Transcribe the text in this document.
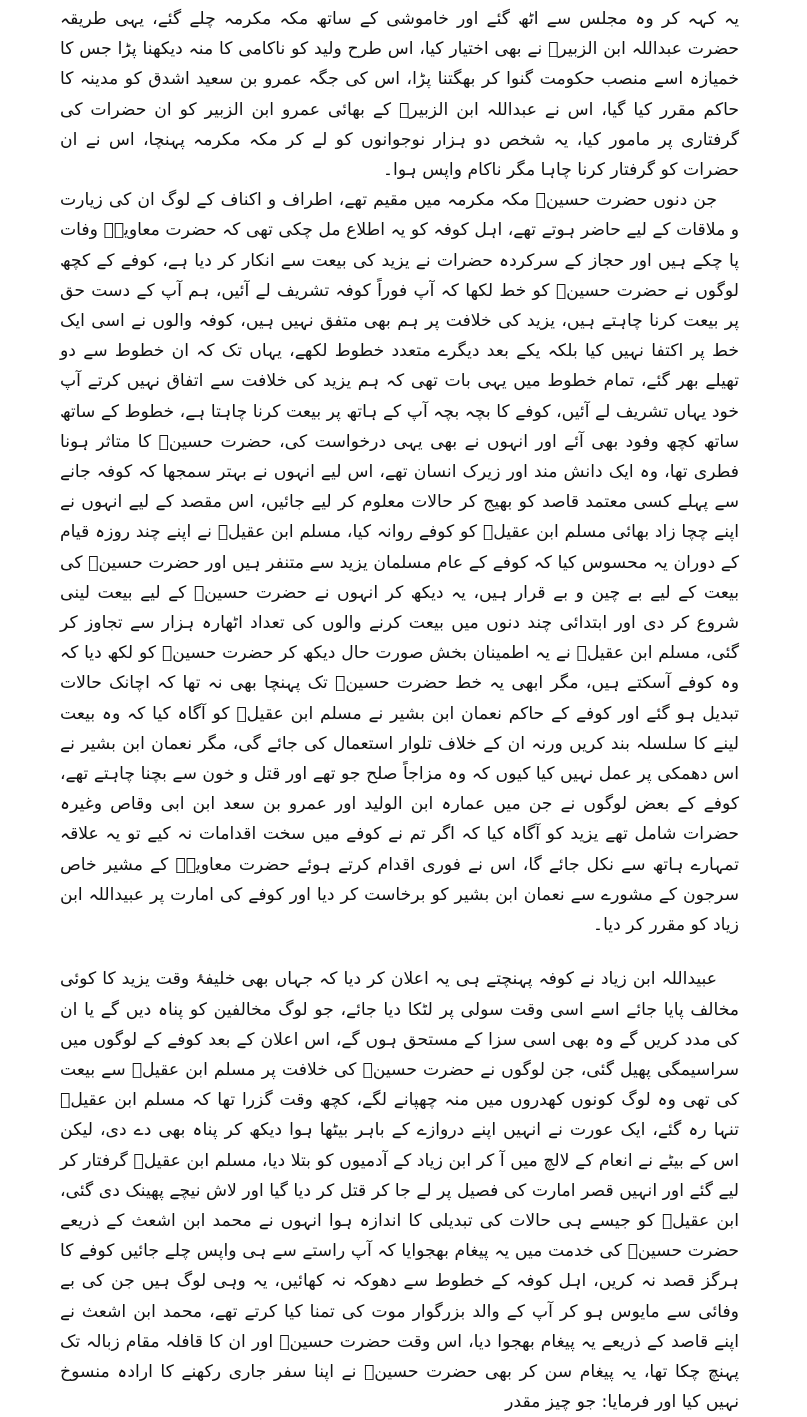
یہ کہہ کر وہ مجلس سے اٹھ گئے اور خاموشی کے ساتھ مکہ مکرمہ چلے گئے، یہی طریقہ حضرت عبداللہ ابن الزبیرؓ نے بھی اختیار کیا، اس طرح ولید کو ناکامی کا منہ دیکھنا پڑا جس کا خمیازہ اسے منصب حکومت گنوا کر بھگتنا پڑا، اس کی جگہ عمرو بن سعید اشدق کو مدینہ کا حاکم مقرر کیا گیا، اس نے عبداللہ ابن الزبیرؓ کے بھائی عمرو ابن الزبیر کو ان حضرات کی گرفتاری پر مامور کیا، یہ شخص دو ہزار نوجوانوں کو لے کر مکہ مکرمہ پہنچا، اس نے ان حضرات کو گرفتار کرنا چاہا مگر ناکام واپس ہوا۔

جن دنوں حضرت حسینؓ مکہ مکرمہ میں مقیم تھے، اطراف و اکناف کے لوگ ان کی زیارت و ملاقات کے لیے حاضر ہوتے تھے، اہل کوفہ کو یہ اطلاع مل چکی تھی کہ حضرت معاویہؓ وفات پا چکے ہیں اور حجاز کے سرکردہ حضرات نے یزید کی بیعت سے انکار کر دیا ہے، کوفے کے کچھ لوگوں نے حضرت حسینؓ کو خط لکھا کہ آپ فوراً کوفہ تشریف لے آئیں، ہم آپ کے دست حق پر بیعت کرنا چاہتے ہیں، یزید کی خلافت پر ہم بھی متفق نہیں ہیں، کوفہ والوں نے اسی ایک خط پر اکتفا نہیں کیا بلکہ یکے بعد دیگرے متعدد خطوط لکھے، یہاں تک کہ ان خطوط سے دو تھیلے بھر گئے، تمام خطوط میں یہی بات تھی کہ ہم یزید کی خلافت سے اتفاق نہیں کرتے آپ خود یہاں تشریف لے آئیں، کوفے کا بچہ بچہ آپ کے ہاتھ پر بیعت کرنا چاہتا ہے، خطوط کے ساتھ ساتھ کچھ وفود بھی آئے اور انہوں نے بھی یہی درخواست کی، حضرت حسینؓ کا متاثر ہونا فطری تھا، وہ ایک دانش مند اور زیرک انسان تھے، اس لیے انہوں نے بہتر سمجھا کہ کوفہ جانے سے پہلے کسی معتمد قاصد کو بھیج کر حالات معلوم کر لیے جائیں، اس مقصد کے لیے انہوں نے اپنے چچا زاد بھائی مسلم ابن عقیلؓ کو کوفے روانہ کیا، مسلم ابن عقیلؓ نے اپنے چند روزہ قیام کے دوران یہ محسوس کیا کہ کوفے کے عام مسلمان یزید سے متنفر ہیں اور حضرت حسینؓ کی بیعت کے لیے بے چین و بے قرار ہیں، یہ دیکھ کر انہوں نے حضرت حسینؓ کے لیے بیعت لینی شروع کر دی اور ابتدائی چند دنوں میں بیعت کرنے والوں کی تعداد اٹھارہ ہزار سے تجاوز کر گئی، مسلم ابن عقیلؓ نے یہ اطمینان بخش صورت حال دیکھ کر حضرت حسینؓ کو لکھ دیا کہ وہ کوفے آسکتے ہیں، مگر ابھی یہ خط حضرت حسینؓ تک پہنچا بھی نہ تھا کہ اچانک حالات تبدیل ہو گئے اور کوفے کے حاکم نعمان ابن بشیر نے مسلم ابن عقیلؓ کو آگاہ کیا کہ وہ بیعت لینے کا سلسلہ بند کریں ورنہ ان کے خلاف تلوار استعمال کی جائے گی، مگر نعمان ابن بشیر نے اس دھمکی پر عمل نہیں کیا کیوں کہ وہ مزاجاً صلح جو تھے اور قتل و خون سے بچنا چاہتے تھے، کوفے کے بعض لوگوں نے جن میں عمارہ ابن الولید اور عمرو بن سعد ابن ابی وقاص وغیرہ حضرات شامل تھے یزید کو آگاہ کیا کہ اگر تم نے کوفے میں سخت اقدامات نہ کیے تو یہ علاقہ تمہارے ہاتھ سے نکل جائے گا، اس نے فوری اقدام کرتے ہوئے حضرت معاویہؓ کے مشیر خاص سرجون کے مشورے سے نعمان ابن بشیر کو برخاست کر دیا اور کوفے کی امارت پر عبیداللہ ابن زیاد کو مقرر کر دیا۔

عبیداللہ ابن زیاد نے کوفہ پہنچتے ہی یہ اعلان کر دیا کہ جہاں بھی خلیفۂ وقت یزید کا کوئی مخالف پایا جائے اسے اسی وقت سولی پر لٹکا دیا جائے، جو لوگ مخالفین کو پناہ دیں گے یا ان کی مدد کریں گے وہ بھی اسی سزا کے مستحق ہوں گے، اس اعلان کے بعد کوفے کے لوگوں میں سراسیمگی پھیل گئی، جن لوگوں نے حضرت حسینؓ کی خلافت پر مسلم ابن عقیلؓ سے بیعت کی تھی وہ لوگ کونوں کھدروں میں منہ چھپانے لگے، کچھ وقت گزرا تھا کہ مسلم ابن عقیلؓ تنہا رہ گئے، ایک عورت نے انہیں اپنے دروازے کے باہر بیٹھا ہوا دیکھ کر پناہ بھی دے دی، لیکن اس کے بیٹے نے انعام کے لالچ میں آ کر ابن زیاد کے آدمیوں کو بتلا دیا، مسلم ابن عقیلؓ گرفتار کر لیے گئے اور انہیں قصر امارت کی فصیل پر لے جا کر قتل کر دیا گیا اور لاش نیچے پھینک دی گئی، ابن عقیلؓ کو جیسے ہی حالات کی تبدیلی کا اندازہ ہوا انہوں نے محمد ابن اشعث کے ذریعے حضرت حسینؓ کی خدمت میں یہ پیغام بھجوایا کہ آپ راستے سے ہی واپس چلے جائیں کوفے کا ہرگز قصد نہ کریں، اہل کوفہ کے خطوط سے دھوکہ نہ کھائیں، یہ وہی لوگ ہیں جن کی بے وفائی سے مایوس ہو کر آپ کے والد بزرگوار موت کی تمنا کیا کرتے تھے، محمد ابن اشعث نے اپنے قاصد کے ذریعے یہ پیغام بھجوا دیا، اس وقت حضرت حسینؓ اور ان کا قافلہ مقام زبالہ تک پہنچ چکا تھا، یہ پیغام سن کر بھی حضرت حسینؓ نے اپنا سفر جاری رکھنے کا ارادہ منسوخ نہیں کیا اور فرمایا: جو چیز مقدر
